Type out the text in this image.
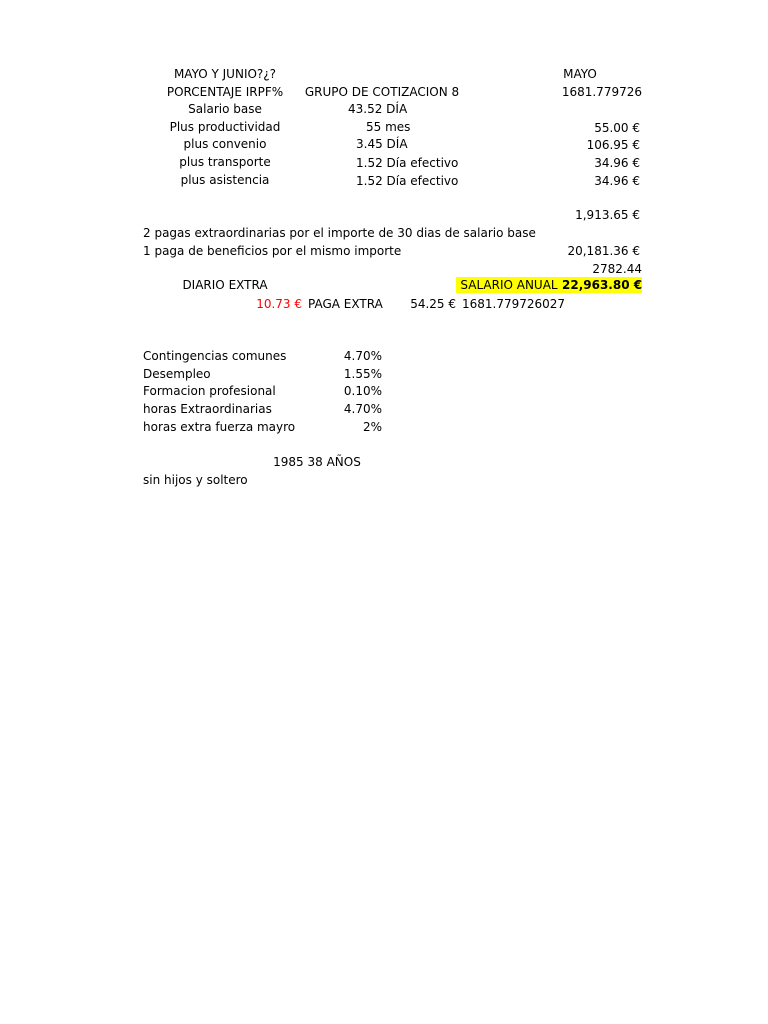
MAYO Y JUNIO?¿?	MAYO
PORCENTAJE IRPF%	GRUPO DE COTIZACION 8	1681.779726
Salario base	43.52 DÍA
Plus productividad	55 mes	55.00 €
plus convenio	3.45 DÍA	106.95 €
plus transporte	1.52 Día efectivo	34.96 €
plus asistencia	1.52 Día efectivo	34.96 €
1,913.65 €
2 pagas extraordinarias por el importe de 30 dias de salario base
1 paga de beneficios por el mismo importe	20,181.36 €
2782.44
DIARIO EXTRA	SALARIO ANUAL 22,963.80 €
10.73 € PAGA EXTRA	54.25 € 1681.779726027
Contingencias comunes	4.70%
Desempleo	1.55%
Formacion profesional	0.10%
horas Extraordinarias	4.70%
horas extra fuerza mayro	2%
1985 38 AÑOS
sin hijos y soltero
